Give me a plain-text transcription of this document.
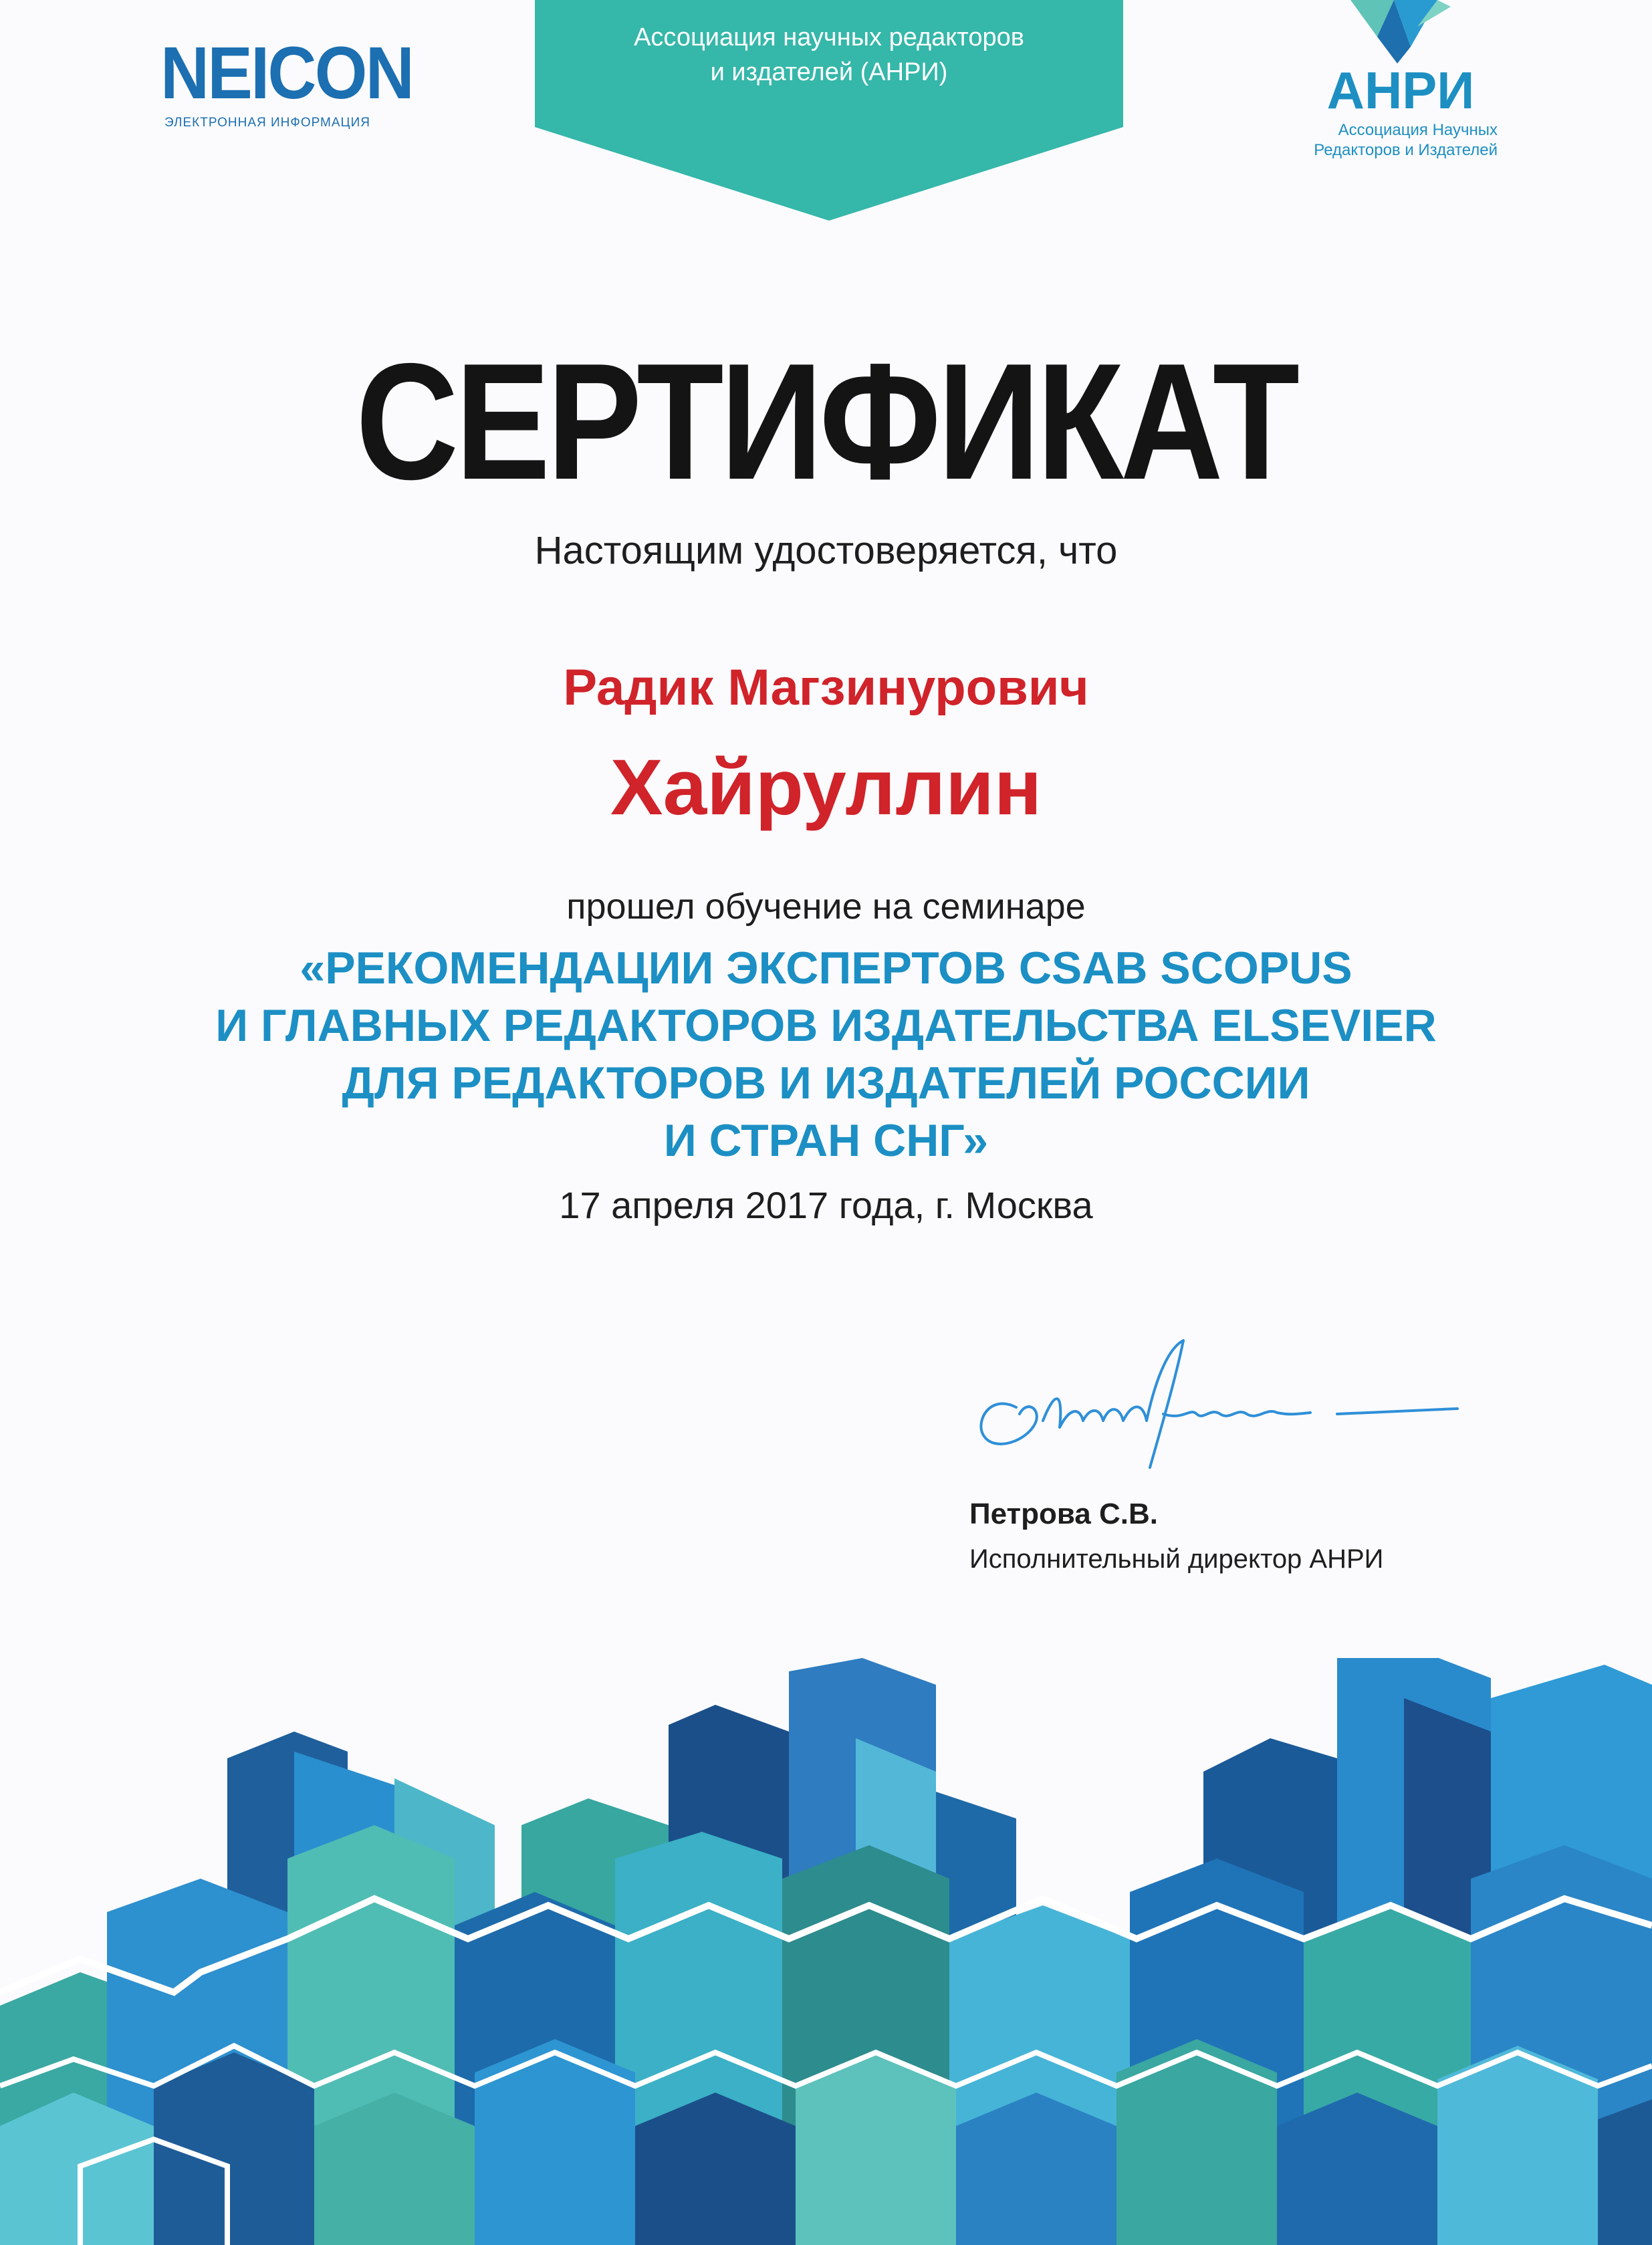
Ассоциация научных редакторов
и издателей (АНРИ)
NEICON
ЭЛЕКТРОННАЯ ИНФОРМАЦИЯ
АНРИ
Ассоциация Научных
Редакторов и Издателей
СЕРТИФИКАТ
Настоящим удостоверяется, что
Радик Магзинурович
Хайруллин
прошел обучение на семинаре
«РЕКОМЕНДАЦИИ ЭКСПЕРТОВ CSAB SCOPUS
И ГЛАВНЫХ РЕДАКТОРОВ ИЗДАТЕЛЬСТВА ELSEVIER
ДЛЯ РЕДАКТОРОВ И ИЗДАТЕЛЕЙ РОССИИ
И СТРАН СНГ»
17 апреля 2017 года, г. Москва
Петрова С.В.
Исполнительный директор АНРИ
